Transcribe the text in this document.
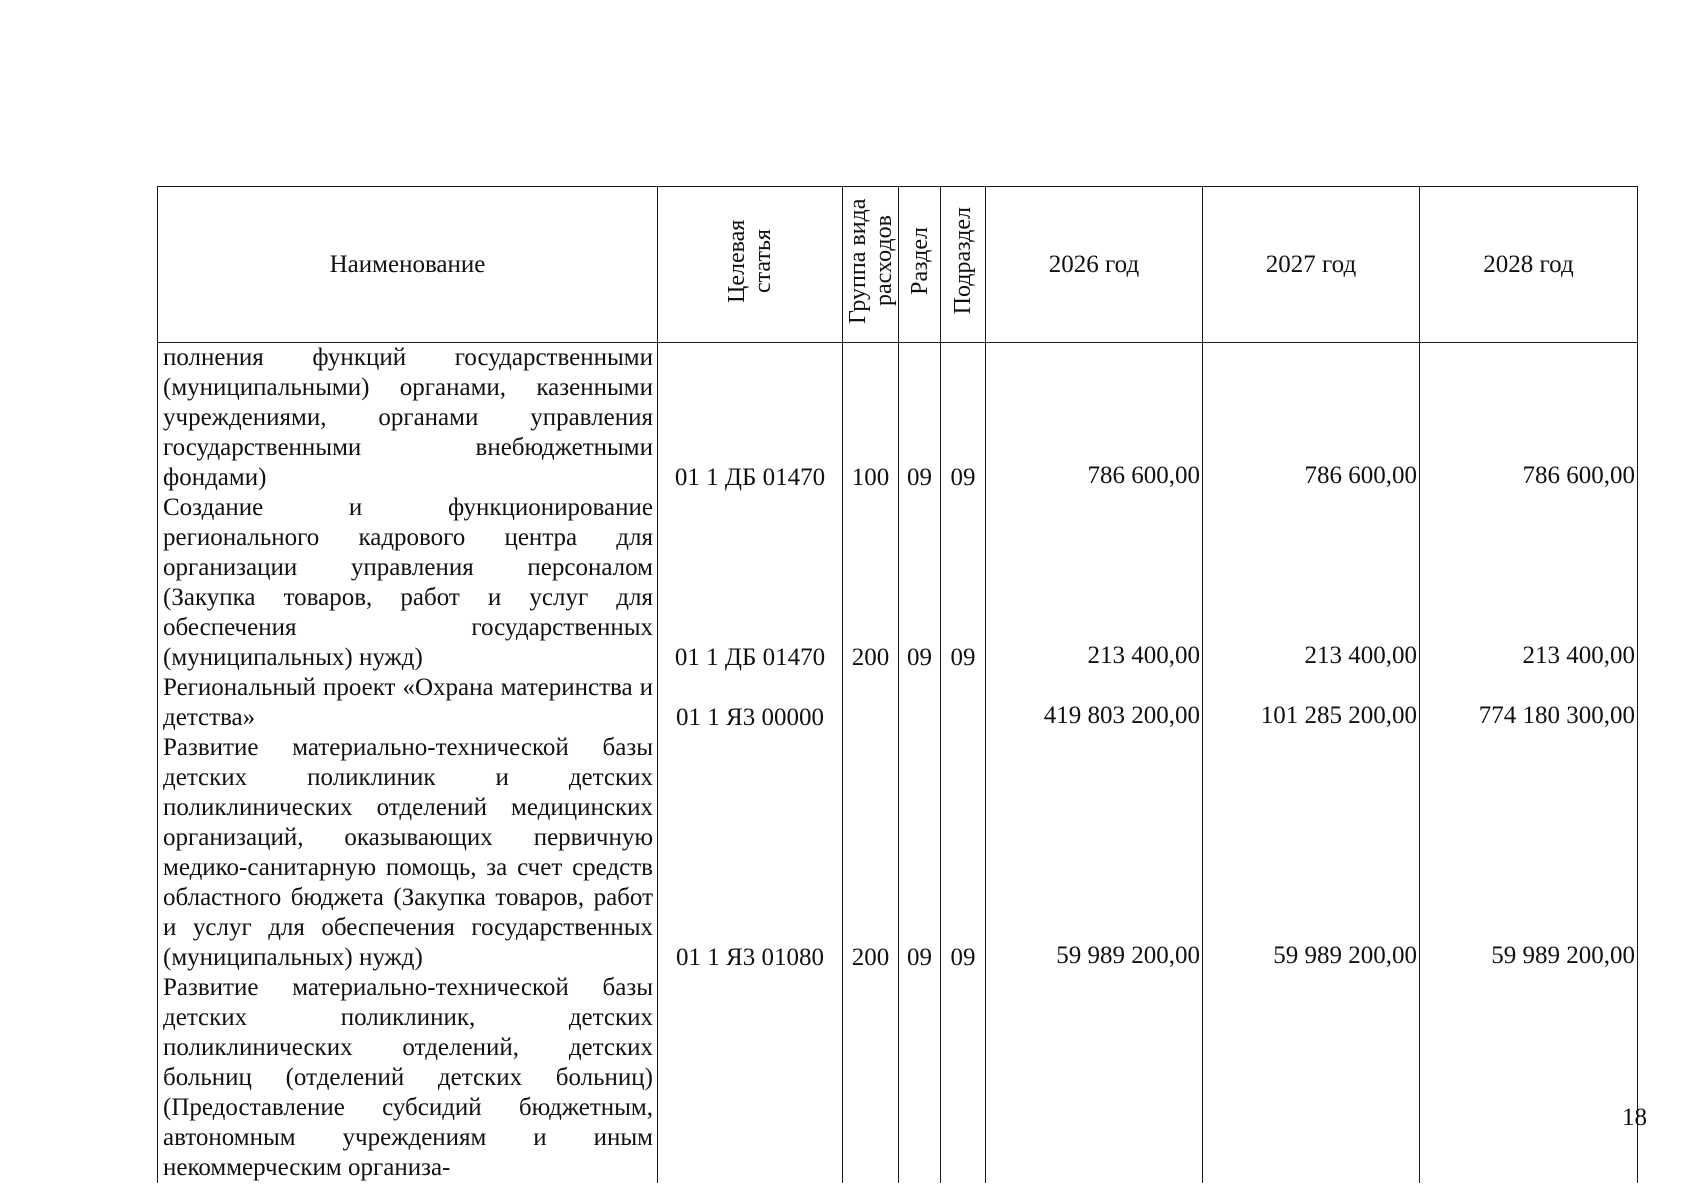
Наименование	Целевая статья	Группа вида расходов	Раздел	Подраздел	2026 год	2027 год	2028 год
полнения функций государственными (муниципальными) органами, казенными учреждениями, органами управления государственными внебюджетными фондами)	01 1 ДБ 01470	100	09	09	786 600,00	786 600,00	786 600,00
Создание и функционирование регионального кадрового центра для организации управления персоналом (Закупка товаров, работ и услуг для обеспечения государственных (муниципальных) нужд)	01 1 ДБ 01470	200	09	09	213 400,00	213 400,00	213 400,00
Региональный проект «Охрана материнства и детства»	01 1 Я3 00000				419 803 200,00	101 285 200,00	774 180 300,00
Развитие материально-технической базы детских поликлиник и детских поликлинических отделений медицинских организаций, оказывающих первичную медико-санитарную помощь, за счет средств областного бюджета (Закупка товаров, работ и услуг для обеспечения государственных (муниципальных) нужд)	01 1 Я3 01080	200	09	09	59 989 200,00	59 989 200,00	59 989 200,00
Развитие материально-технической базы детских поликлиник, детских поликлинических отделений, детских больниц (отделений детских больниц) (Предоставление субсидий бюджетным, автономным учреждениям и иным некоммерческим организа-							
18
